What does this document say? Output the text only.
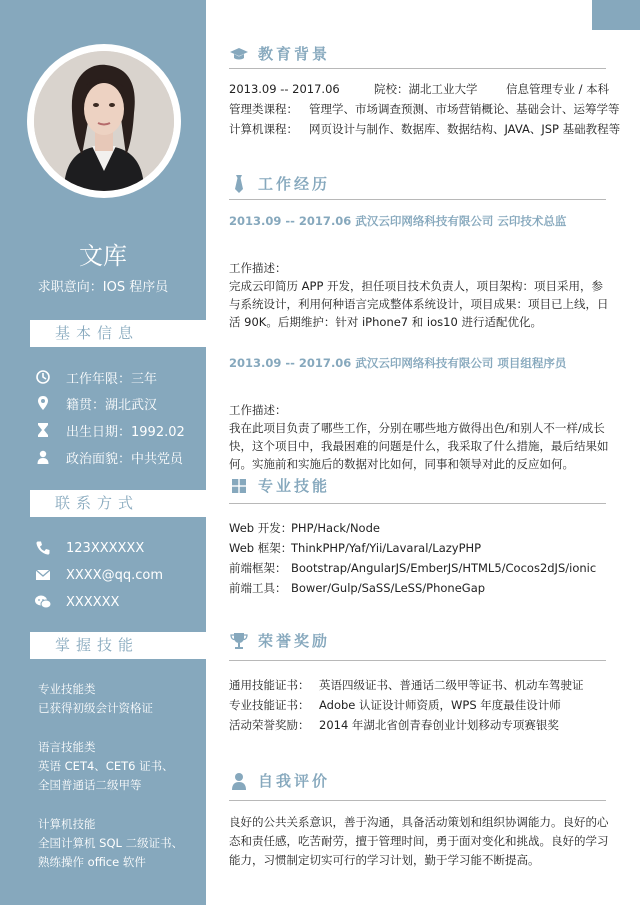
文库
求职意向：IOS 程序员
基本信息
工作年限：三年
籍贯：湖北武汉
出生日期：1992.02
政治面貌：中共党员
联系方式
123XXXXXX
XXXX@qq.com
XXXXXX
掌握技能
专业技能类
已获得初级会计资格证
语言技能类
英语 CET4、CET6 证书、
全国普通话二级甲等
计算机技能
全国计算机 SQL 二级证书、
熟练操作 office 软件
教育背景
2013.09 -- 2017.06	院校：湖北工业大学 信息管理专业 / 本科
管理类课程： 管理学、市场调查预测、市场营销概论、基础会计、运筹学等
计算机课程： 网页设计与制作、数据库、数据结构、JAVA、JSP 基础教程等
工作经历
2013.09 -- 2017.06 武汉云印网络科技有限公司 云印技术总监
工作描述：
完成云印简历 APP 开发，担任项目技术负责人，项目架构：项目采用，参与系统设计，利用何种语言完成整体系统设计，项目成果：项目已上线，日活 90K。后期维护：针对 iPhone7 和 ios10 进行适配优化。
2013.09 -- 2017.06 武汉云印网络科技有限公司 项目组程序员
工作描述：
我在此项目负责了哪些工作，分别在哪些地方做得出色/和别人不一样/成长快，这个项目中，我最困难的问题是什么，我采取了什么措施，最后结果如何。实施前和实施后的数据对比如何，同事和领导对此的反应如何。
专业技能
Web 开发：PHP/Hack/Node
Web 框架：ThinkPHP/Yaf/Yii/Lavaral/LazyPHP
前端框架： Bootstrap/AngularJS/EmberJS/HTML5/Cocos2dJS/ionic
前端工具： Bower/Gulp/SaSS/LeSS/PhoneGap
荣誉奖励
通用技能证书： 英语四级证书、普通话二级甲等证书、机动车驾驶证
专业技能证书： Adobe 认证设计师资质，WPS 年度最佳设计师
活动荣誉奖励： 2014 年湖北省创青春创业计划移动专项赛银奖
自我评价
良好的公共关系意识，善于沟通，具备活动策划和组织协调能力。良好的心态和责任感，吃苦耐劳，擅于管理时间，勇于面对变化和挑战。良好的学习能力，习惯制定切实可行的学习计划，勤于学习能不断提高。
